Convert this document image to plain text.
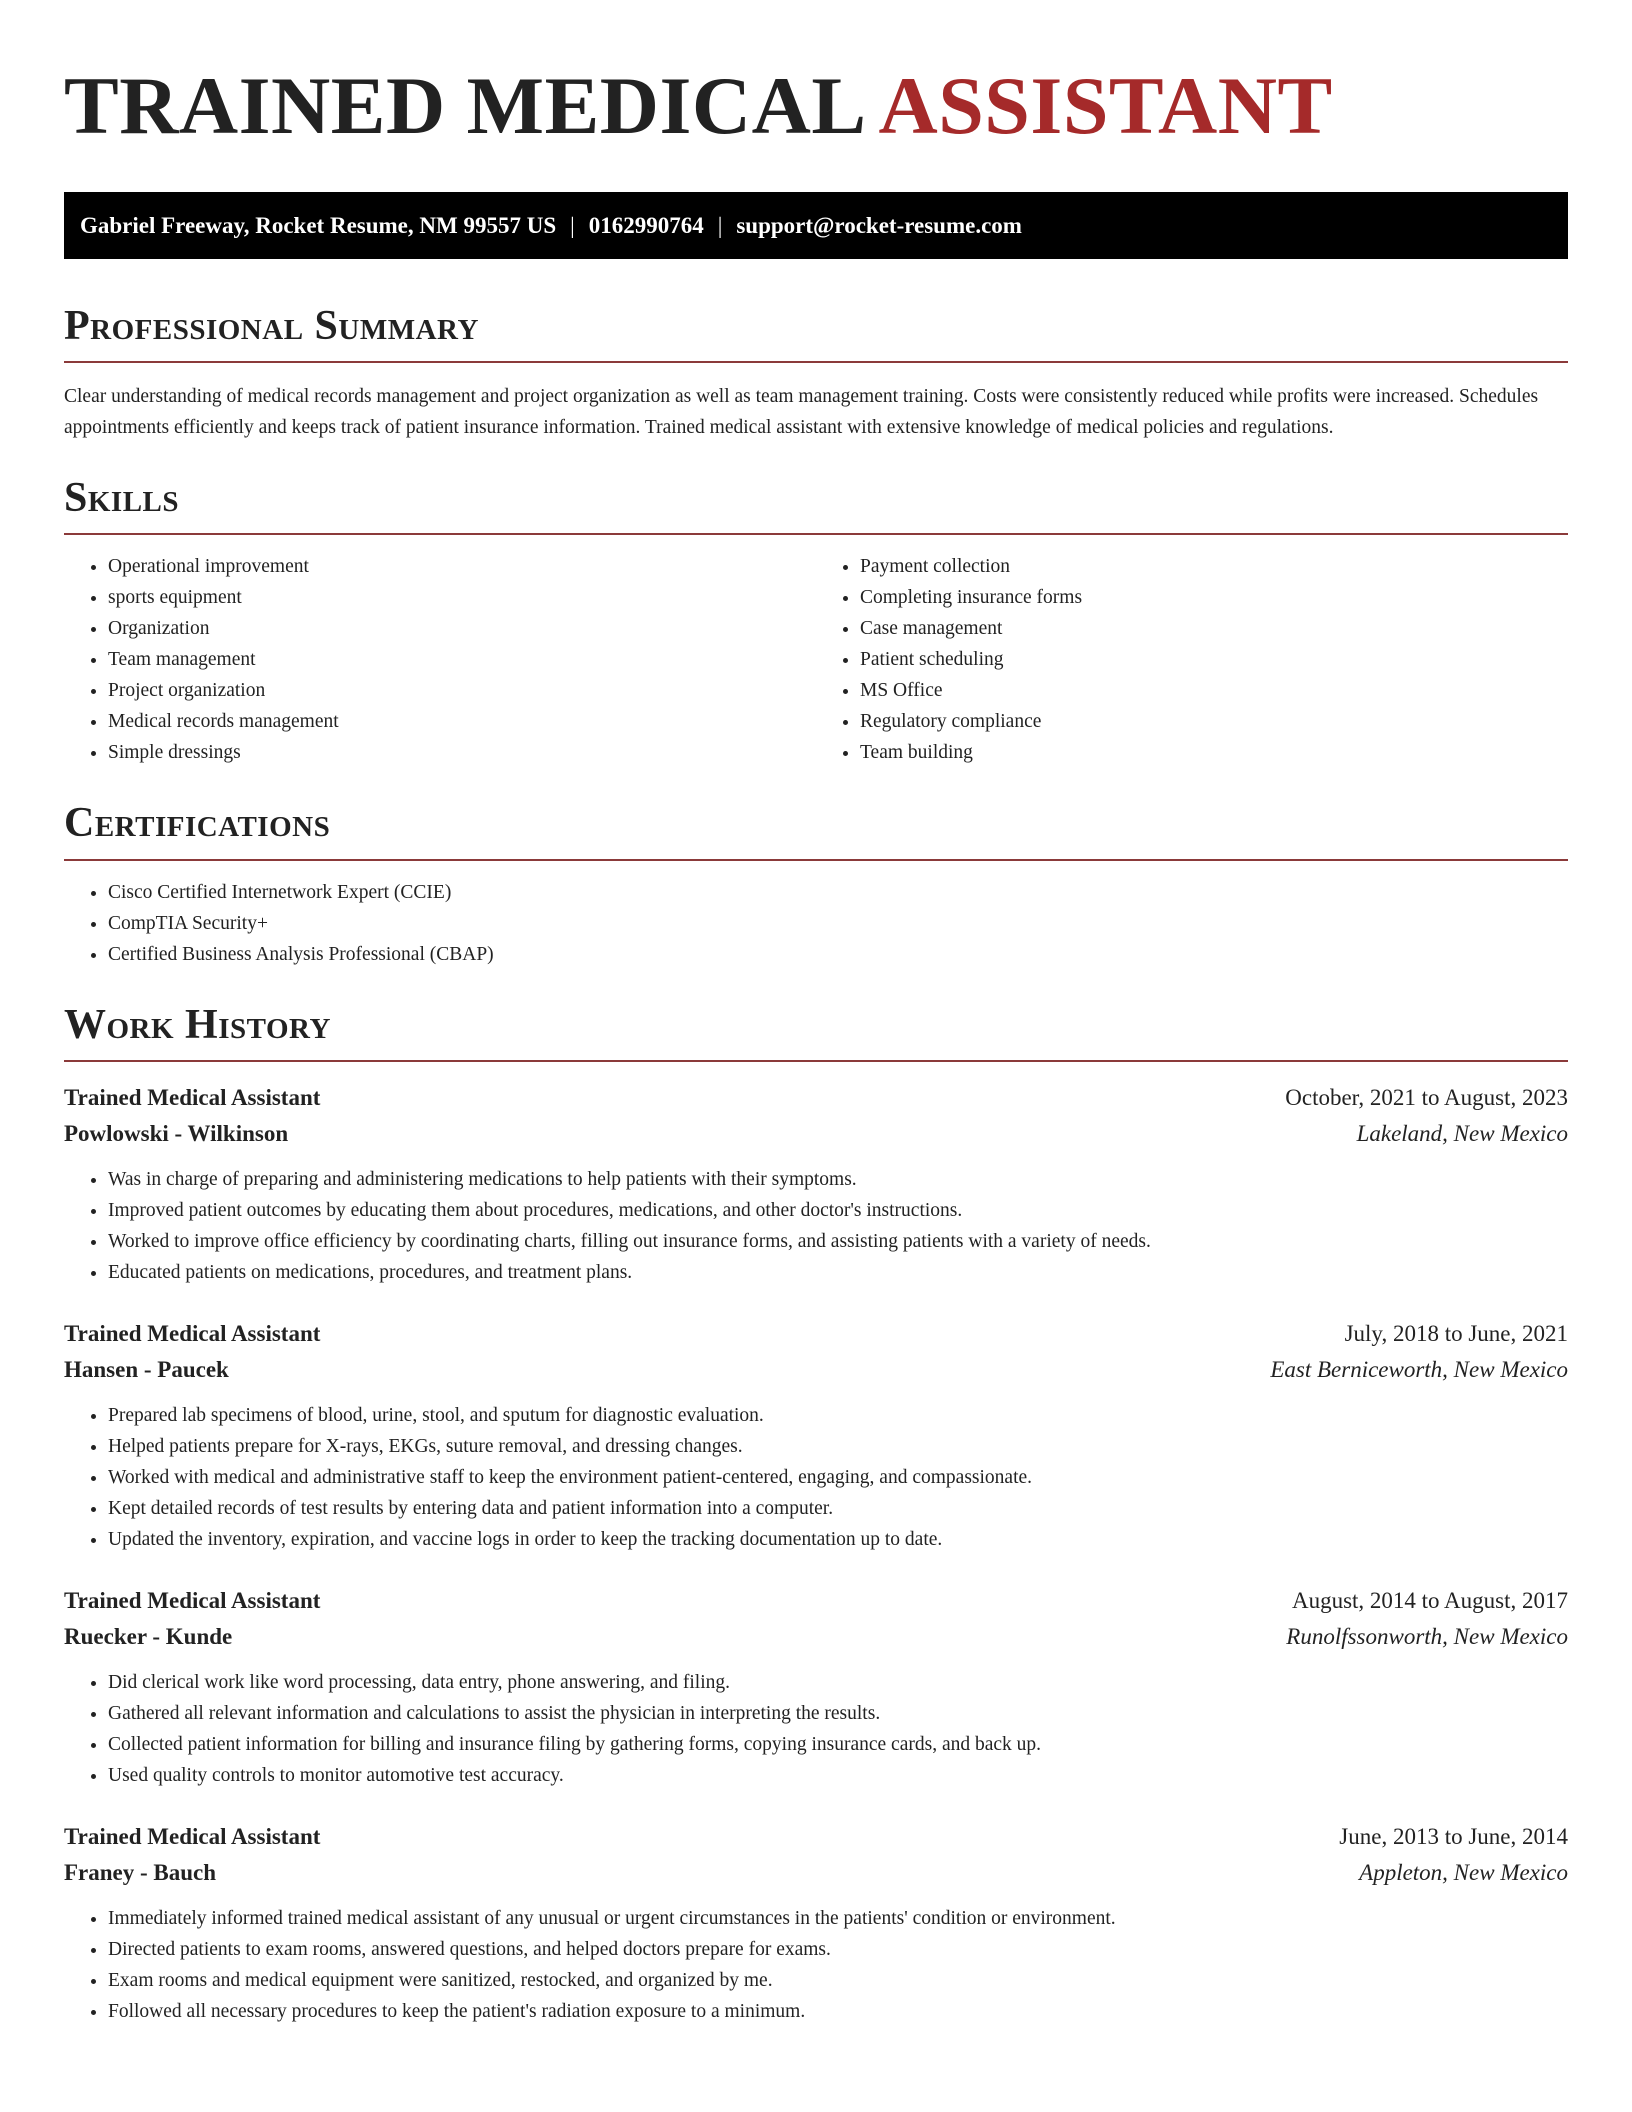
TRAINED MEDICAL ASSISTANT
Gabriel Freeway, Rocket Resume, NM 99557 US | 0162990764 | support@rocket-resume.com
Professional Summary

Clear understanding of medical records management and project organization as well as team management training. Costs were consistently reduced while profits were increased. Schedules appointments efficiently and keeps track of patient insurance information. Trained medical assistant with extensive knowledge of medical policies and regulations.

Skills
• Operational improvement
• sports equipment
• Organization
• Team management
• Project organization
• Medical records management
• Simple dressings
• Payment collection
• Completing insurance forms
• Case management
• Patient scheduling
• MS Office
• Regulatory compliance
• Team building
Certifications
• Cisco Certified Internetwork Expert (CCIE)
• CompTIA Security+
• Certified Business Analysis Professional (CBAP)
Work History
Trained Medical Assistant	October, 2021 to August, 2023
Powlowski - Wilkinson	Lakeland, New Mexico
• Was in charge of preparing and administering medications to help patients with their symptoms.
• Improved patient outcomes by educating them about procedures, medications, and other doctor's instructions.
• Worked to improve office efficiency by coordinating charts, filling out insurance forms, and assisting patients with a variety of needs.
• Educated patients on medications, procedures, and treatment plans.
Trained Medical Assistant	July, 2018 to June, 2021
Hansen - Paucek	East Berniceworth, New Mexico
• Prepared lab specimens of blood, urine, stool, and sputum for diagnostic evaluation.
• Helped patients prepare for X-rays, EKGs, suture removal, and dressing changes.
• Worked with medical and administrative staff to keep the environment patient-centered, engaging, and compassionate.
• Kept detailed records of test results by entering data and patient information into a computer.
• Updated the inventory, expiration, and vaccine logs in order to keep the tracking documentation up to date.
Trained Medical Assistant	August, 2014 to August, 2017
Ruecker - Kunde	Runolfssonworth, New Mexico
• Did clerical work like word processing, data entry, phone answering, and filing.
• Gathered all relevant information and calculations to assist the physician in interpreting the results.
• Collected patient information for billing and insurance filing by gathering forms, copying insurance cards, and back up.
• Used quality controls to monitor automotive test accuracy.
Trained Medical Assistant	June, 2013 to June, 2014
Franey - Bauch	Appleton, New Mexico
• Immediately informed trained medical assistant of any unusual or urgent circumstances in the patients' condition or environment.
• Directed patients to exam rooms, answered questions, and helped doctors prepare for exams.
• Exam rooms and medical equipment were sanitized, restocked, and organized by me.
• Followed all necessary procedures to keep the patient's radiation exposure to a minimum.
